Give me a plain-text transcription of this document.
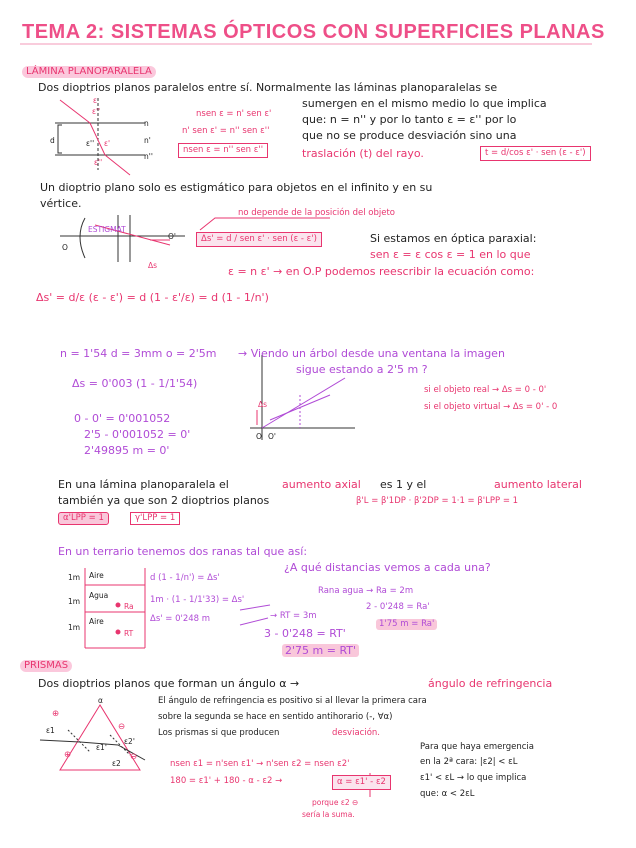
TEMA 2: SISTEMAS ÓPTICOS CON SUPERFICIES PLANAS
LÁMINA PLANOPARALELA
Dos dioptrios planos paralelos entre sí. Normalmente las láminas planoparalelas se
sumergen en el mismo medio lo que implica
que: n = n'' y por lo tanto ε = ε'' por lo
que no se produce desviación sino una
traslación (t) del rayo.
nsen ε = n' sen ε'
n' sen ε' = n'' sen ε''
nsen ε = n'' sen ε''	t = d/cos ε' · sen (ε - ε')
ε
ε''
ε'' ε'
ε''
d
n
n'
n''
Un dioptrio plano solo es estigmático para objetos en el infinito y en su
vértice.
no depende de la posición del objeto
Δs' = d / sen ε' · sen (ε - ε')
ESTIGMAT
O
O'
Δs
Si estamos en óptica paraxial:
sen ε = ε cos ε = 1 en lo que
ε = n ε' → en O.P podemos reescribir la ecuación como:
Δs' = d/ε (ε - ε') = d (1 - ε'/ε) = d (1 - 1/n')
n = 1'54 d = 3mm o = 2'5m → Viendo un árbol desde una ventana la imagen
sigue estando a 2'5 m ?
Δs = 0'003 (1 - 1/1'54)
0 - 0' = 0'001052
2'5 - 0'001052 = 0'
2'49895 m = 0'
si el objeto real → Δs = 0 - 0'
si el objeto virtual → Δs = 0' - 0
Δs
O O'
En una lámina planoparalela el	aumento axial es 1 y el	aumento lateral
también ya que son 2 dioptrios planos	β'L = β'1DP · β'2DP = 1·1 = β'LPP = 1
α'LPP = 1	γ'LPP = 1
En un terrario tenemos dos ranas tal que así:
¿A qué distancias vemos a cada una?
Aire
Agua
Aire
1m
1m
1m
Ra
RT
d (1 - 1/n') = Δs'
1m · (1 - 1/1'33) = Δs'
Δs' = 0'248 m
Rana agua → Ra = 2m
2 - 0'248 = Ra'
1'75 m = Ra'
→ RT = 3m
3 - 0'248 = RT'
2'75 m = RT'
PRISMAS
Dos dioptrios planos que forman un ángulo α →	ángulo de refringencia
El ángulo de refringencia es positivo si al llevar la primera cara
sobre la segunda se hace en sentido antihorario (-, ∀α)
Los prismas si que producen	desviación.
Para que haya emergencia
en la 2ª cara: |ε2| < εL
ε1' < εL → lo que implica
que: α < 2εL
nsen ε1 = n'sen ε1' → n'sen ε2 = nsen ε2'
180 = ε1' + 180 - α - ε2 →	α = ε1' - ε2
porque ε2 ⊖
sería la suma.
α
ε1
ε1'
ε2
ε2'
⊕
⊕
⊖
⊖
